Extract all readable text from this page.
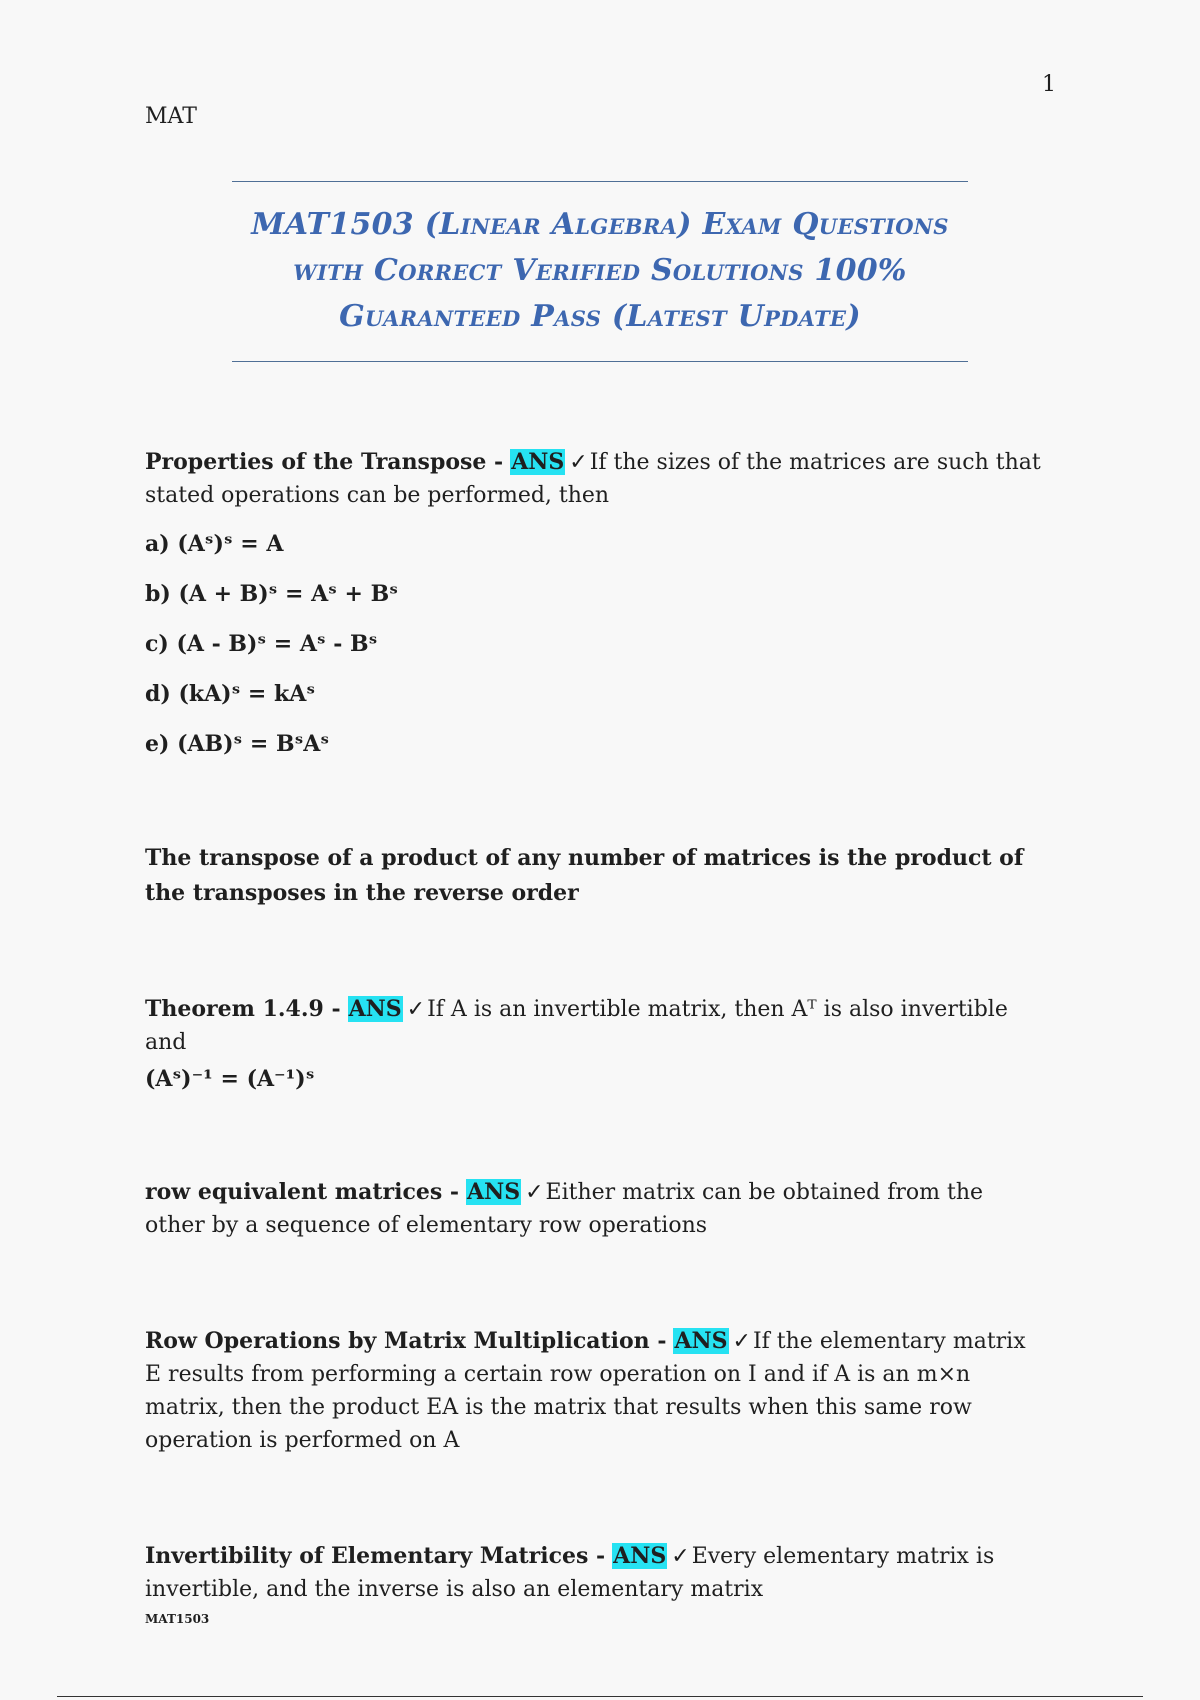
1
MAT
MAT1503 (Linear Algebra) Exam Questions
with Correct Verified Solutions 100%
Guaranteed Pass (Latest Update)

Properties of the Transpose - ANS ✓If the sizes of the matrices are such that stated operations can be performed, then

a) (Aˢ)ˢ = A

b) (A + B)ˢ = Aˢ + Bˢ

c) (A - B)ˢ = Aˢ - Bˢ

d) (kA)ˢ = kAˢ

e) (AB)ˢ = BˢAˢ

The transpose of a product of any number of matrices is the product of the transposes in the reverse order

Theorem 1.4.9 - ANS ✓If A is an invertible matrix, then Aᵀ is also invertible and

(Aˢ)⁻¹ = (A⁻¹)ˢ

row equivalent matrices - ANS ✓Either matrix can be obtained from the other by a sequence of elementary row operations

Row Operations by Matrix Multiplication - ANS ✓If the elementary matrix E results from performing a certain row operation on I and if A is an m×n matrix, then the product EA is the matrix that results when this same row operation is performed on A

Invertibility of Elementary Matrices - ANS ✓Every elementary matrix is invertible, and the inverse is also an elementary matrix

MAT1503
